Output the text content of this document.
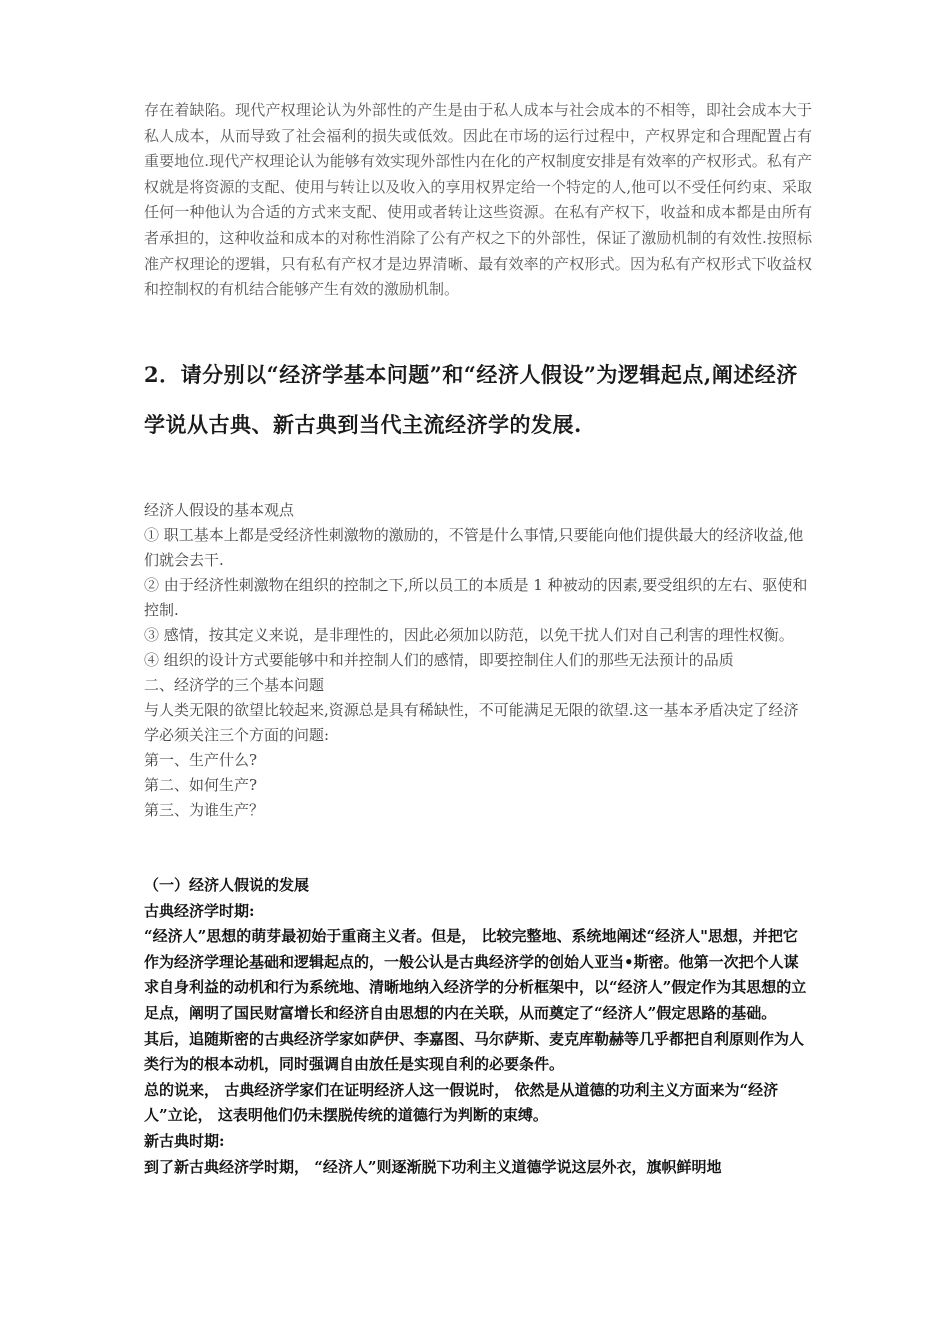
存在着缺陷。现代产权理论认为外部性的产生是由于私人成本与社会成本的不相等，即社会成本大于私人成本，从而导致了社会福利的损失或低效。因此在市场的运行过程中，产权界定和合理配置占有重要地位.现代产权理论认为能够有效实现外部性内在化的产权制度安排是有效率的产权形式。私有产权就是将资源的支配、使用与转让以及收入的享用权界定给一个特定的人,他可以不受任何约束、采取任何一种他认为合适的方式来支配、使用或者转让这些资源。在私有产权下，收益和成本都是由所有者承担的，这种收益和成本的对称性消除了公有产权之下的外部性，保证了激励机制的有效性.按照标准产权理论的逻辑，只有私有产权才是边界清晰、最有效率的产权形式。因为私有产权形式下收益权和控制权的有机结合能够产生有效的激励机制。

2．请分别以“经济学基本问题”和“经济人假设”为逻辑起点,阐述经济学说从古典、新古典到当代主流经济学的发展.

经济人假设的基本观点

① 职工基本上都是受经济性刺激物的激励的，不管是什么事情,只要能向他们提供最大的经济收益,他们就会去干.

② 由于经济性刺激物在组织的控制之下,所以员工的本质是 1 种被动的因素,要受组织的左右、驱使和控制.

③ 感情，按其定义来说，是非理性的，因此必须加以防范，以免干扰人们对自己利害的理性权衡。

④ 组织的设计方式要能够中和并控制人们的感情，即要控制住人们的那些无法预计的品质

二、经济学的三个基本问题

与人类无限的欲望比较起来,资源总是具有稀缺性，不可能满足无限的欲望.这一基本矛盾决定了经济学必须关注三个方面的问题:

第一、生产什么?

第二、如何生产?

第三、为谁生产？

（一）经济人假说的发展

古典经济学时期:

“经济人”思想的萌芽最初始于重商主义者。但是， 比较完整地、系统地阐述“经济人"思想，并把它作为经济学理论基础和逻辑起点的，一般公认是古典经济学的创始人亚当•斯密。他第一次把个人谋求自身利益的动机和行为系统地、清晰地纳入经济学的分析框架中，以“经济人”假定作为其思想的立足点，阐明了国民财富增长和经济自由思想的内在关联，从而奠定了“经济人”假定思路的基础。

其后，追随斯密的古典经济学家如萨伊、李嘉图、马尔萨斯、麦克库勒赫等几乎都把自利原则作为人类行为的根本动机，同时强调自由放任是实现自利的必要条件。

总的说来， 古典经济学家们在证明经济人这一假说时， 依然是从道德的功利主义方面来为“经济人”立论， 这表明他们仍未摆脱传统的道德行为判断的束缚。

新古典时期:

到了新古典经济学时期， “经济人”则逐渐脱下功利主义道德学说这层外衣，旗帜鲜明地
